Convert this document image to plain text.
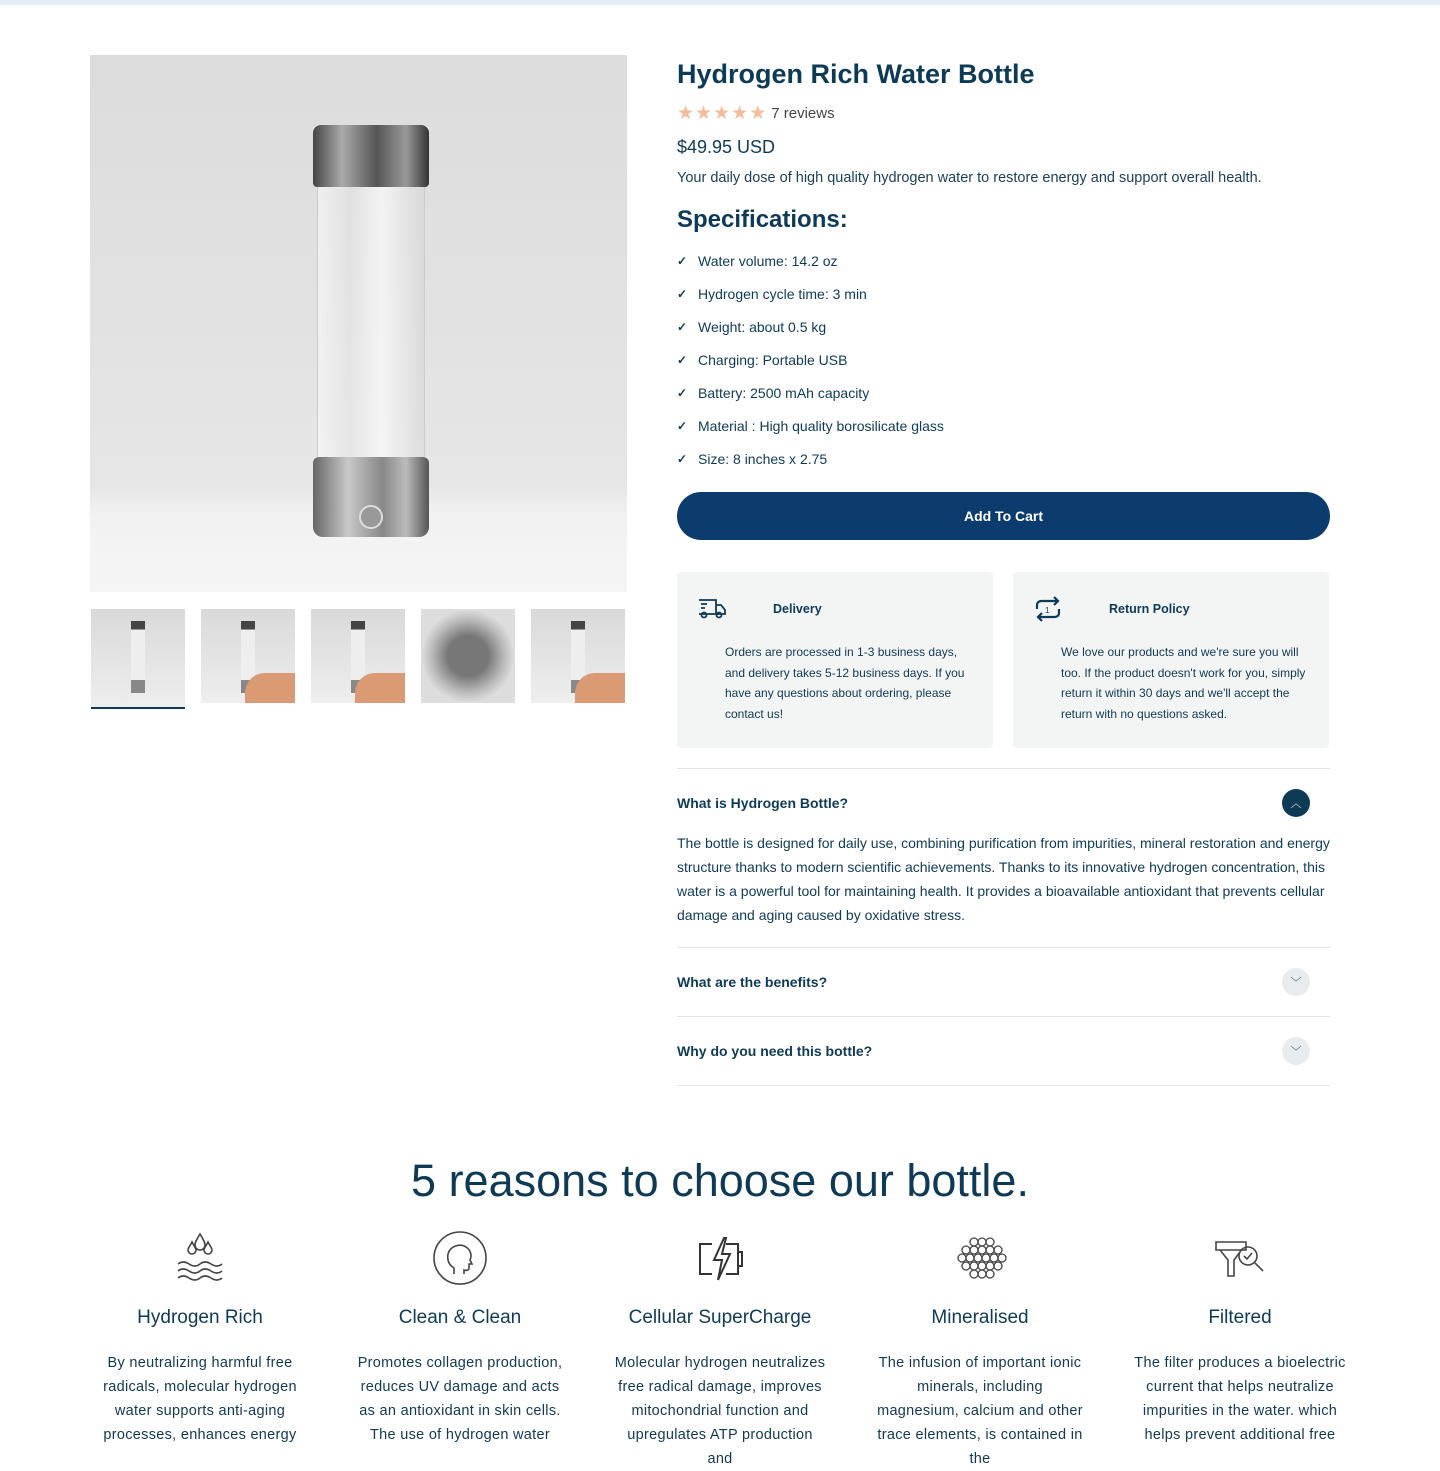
Hydrogen Rich Water Bottle
★ ★ ★ ★ ★ 7 reviews
$49.95 USD

Your daily dose of high quality hydrogen water to restore energy and support overall health.

Specifications:
✓ Water volume: 14.2 oz
✓ Hydrogen cycle time: 3 min
✓ Weight: about 0.5 kg
✓ Charging: Portable USB
✓ Battery: 2500 mAh capacity
✓ Material : High quality borosilicate glass
✓ Size: 8 inches x 2.75
Add To Cart
Delivery

Orders are processed in 1-3 business days, and delivery takes 5-12 business days. If you have any questions about ordering, please contact us!

1	Return Policy

We love our products and we're sure you will too. If the product doesn't work for you, simply return it within 30 days and we'll accept the return with no questions asked.

What is Hydrogen Bottle?	︿

The bottle is designed for daily use, combining purification from impurities, mineral restoration and energy structure thanks to modern scientific achievements. Thanks to its innovative hydrogen concentration, this water is a powerful tool for maintaining health. It provides a bioavailable antioxidant that prevents cellular damage and aging caused by oxidative stress.

What are the benefits?	﹀
Why do you need this bottle?	﹀
5 reasons to choose our bottle.
Hydrogen Rich

By neutralizing harmful free radicals, molecular hydrogen water supports anti-aging processes, enhances energy

Clean & Clean

Promotes collagen production, reduces UV damage and acts as an antioxidant in skin cells. The use of hydrogen water

Cellular SuperCharge

Molecular hydrogen neutralizes free radical damage, improves mitochondrial function and upregulates ATP production and

Mineralised

The infusion of important ionic minerals, including magnesium, calcium and other trace elements, is contained in the

Filtered

The filter produces a bioelectric current that helps neutralize impurities in the water. which helps prevent additional free
